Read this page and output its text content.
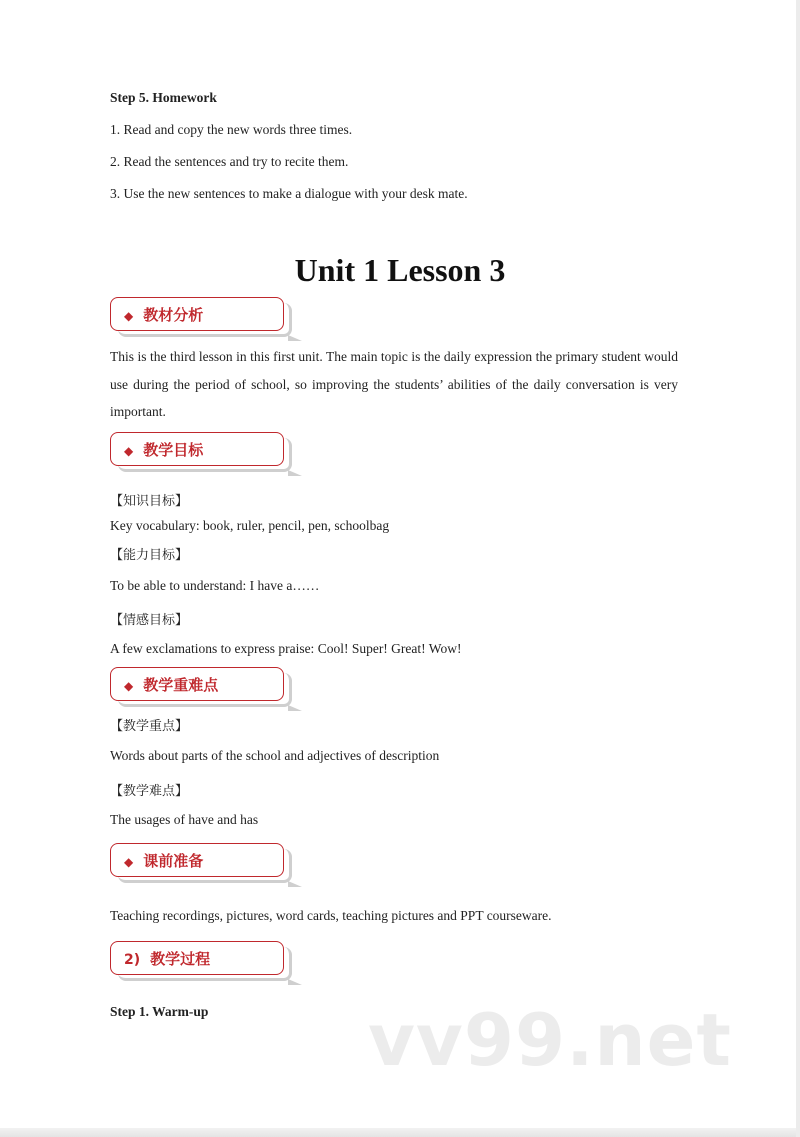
Step 5. Homework
1. Read and copy the new words three times.
2. Read the sentences and try to recite them.
3. Use the new sentences to make a dialogue with your desk mate.
Unit 1 Lesson 3
◆ 教材分析
This is the third lesson in this first unit. The main topic is the daily expression the primary student would use during the period of school, so improving the students’ abilities of the daily conversation is very important.
◆ 教学目标
【知识目标】
Key vocabulary: book, ruler, pencil, pen, schoolbag
【能力目标】
To be able to understand: I have a……
【情感目标】
A few exclamations to express praise: Cool! Super! Great! Wow!
◆ 教学重难点
【教学重点】
Words about parts of the school and adjectives of description
【教学难点】
The usages of have and has
◆ 课前准备
Teaching recordings, pictures, word cards, teaching pictures and PPT courseware.
2) 教学过程
Step 1. Warm-up vv99.net
